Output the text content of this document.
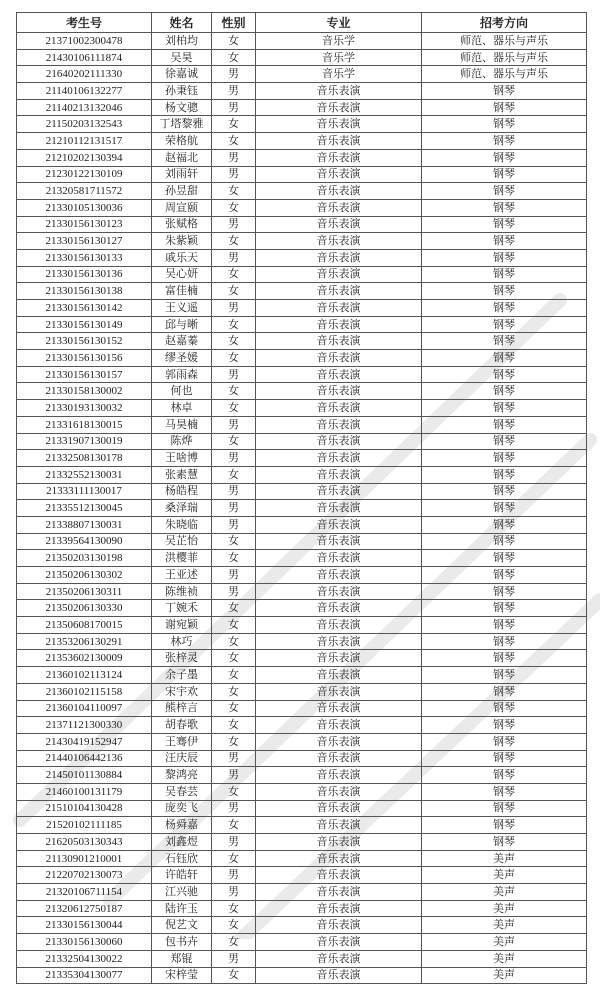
考生号	姓名	性别	专业	招考方向
21371002300478	刘柏均	女	音乐学	师范、器乐与声乐
21430106111874	吴昊	女	音乐学	师范、器乐与声乐
21640202111330	徐嘉诚	男	音乐学	师范、器乐与声乐
21140106132277	孙秉钰	男	音乐表演	钢琴
21140213132046	杨文骢	男	音乐表演	钢琴
21150203132543	丁塔黎雅	女	音乐表演	钢琴
21210112131517	荣格航	女	音乐表演	钢琴
21210202130394	赵福北	男	音乐表演	钢琴
21230122130109	刘雨轩	男	音乐表演	钢琴
21320581711572	孙昱甜	女	音乐表演	钢琴
21330105130036	周宣颐	女	音乐表演	钢琴
21330156130123	张赋格	男	音乐表演	钢琴
21330156130127	朱紫颖	女	音乐表演	钢琴
21330156130133	戚乐天	男	音乐表演	钢琴
21330156130136	吴心妍	女	音乐表演	钢琴
21330156130138	富佳楠	女	音乐表演	钢琴
21330156130142	王义遥	男	音乐表演	钢琴
21330156130149	邱与晰	女	音乐表演	钢琴
21330156130152	赵嘉蓁	女	音乐表演	钢琴
21330156130156	缪圣媛	女	音乐表演	钢琴
21330156130157	郭雨森	男	音乐表演	钢琴
21330158130002	何也	女	音乐表演	钢琴
21330193130032	林卓	女	音乐表演	钢琴
21331618130015	马昊楠	男	音乐表演	钢琴
21331907130019	陈烨	女	音乐表演	钢琴
21332508130178	王啥博	男	音乐表演	钢琴
21332552130031	张素慧	女	音乐表演	钢琴
21333111130017	杨皓程	男	音乐表演	钢琴
21335512130045	桑泽瑞	男	音乐表演	钢琴
21338807130031	朱晓临	男	音乐表演	钢琴
21339564130090	吴芷怡	女	音乐表演	钢琴
21350203130198	洪樱菲	女	音乐表演	钢琴
21350206130302	王亚述	男	音乐表演	钢琴
21350206130311	陈维祯	男	音乐表演	钢琴
21350206130330	丁婉禾	女	音乐表演	钢琴
21350608170015	谢宛颖	女	音乐表演	钢琴
21353206130291	林巧	女	音乐表演	钢琴
21353602130009	张梓灵	女	音乐表演	钢琴
21360102113124	余子墨	女	音乐表演	钢琴
21360102115158	宋宇欢	女	音乐表演	钢琴
21360104110097	熊梓言	女	音乐表演	钢琴
21371121300330	胡春歌	女	音乐表演	钢琴
21430419152947	王骞伊	女	音乐表演	钢琴
21440106442136	汪庆辰	男	音乐表演	钢琴
21450101130884	黎鸿亮	男	音乐表演	钢琴
21460100131179	吴春芸	女	音乐表演	钢琴
21510104130428	庞奕飞	男	音乐表演	钢琴
21520102111185	杨舜嘉	女	音乐表演	钢琴
21620503130343	刘鑫煜	男	音乐表演	钢琴
21130901210001	石钰欣	女	音乐表演	美声
21220702130073	许皓轩	男	音乐表演	美声
21320106711154	江兴驰	男	音乐表演	美声
21320612750187	陆许玉	女	音乐表演	美声
21330156130044	倪艺文	女	音乐表演	美声
21330156130060	包书卉	女	音乐表演	美声
21332504130022	郑锟	男	音乐表演	美声
21335304130077	宋梓莹	女	音乐表演	美声
